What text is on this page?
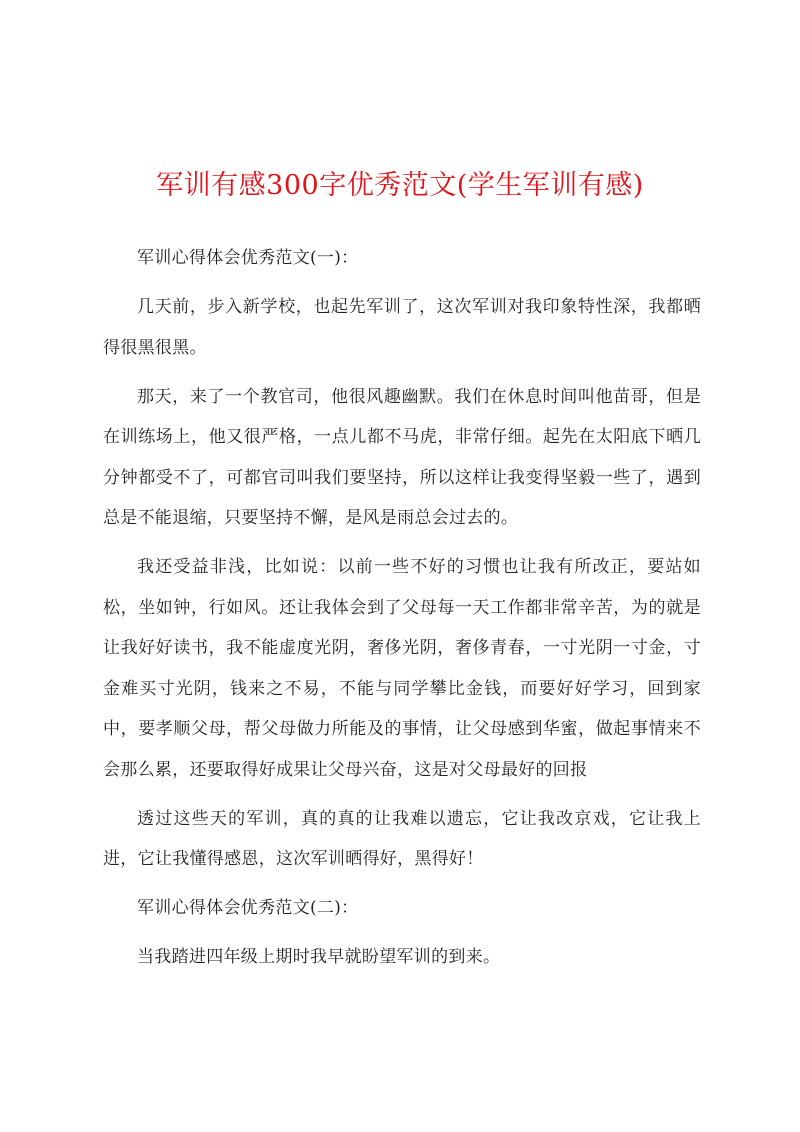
军训有感300字优秀范文(学生军训有感)

军训心得体会优秀范文(一)：

几天前，步入新学校，也起先军训了，这次军训对我印象特性深，我都晒得很黑很黑。

那天，来了一个教官司，他很风趣幽默。我们在休息时间叫他苗哥，但是在训练场上，他又很严格，一点儿都不马虎，非常仔细。起先在太阳底下晒几分钟都受不了，可都官司叫我们要坚持，所以这样让我变得坚毅一些了，遇到总是不能退缩，只要坚持不懈，是风是雨总会过去的。

我还受益非浅，比如说：以前一些不好的习惯也让我有所改正，要站如松，坐如钟，行如风。还让我体会到了父母每一天工作都非常辛苦，为的就是让我好好读书，我不能虚度光阴，奢侈光阴，奢侈青春，一寸光阴一寸金，寸金难买寸光阴，钱来之不易，不能与同学攀比金钱，而要好好学习，回到家中，要孝顺父母，帮父母做力所能及的事情，让父母感到华蜜，做起事情来不会那么累，还要取得好成果让父母兴奋，这是对父母最好的回报

透过这些天的军训，真的真的让我难以遗忘，它让我改京戏，它让我上进，它让我懂得感恩，这次军训晒得好，黑得好！

军训心得体会优秀范文(二)：

当我踏进四年级上期时我早就盼望军训的到来。
